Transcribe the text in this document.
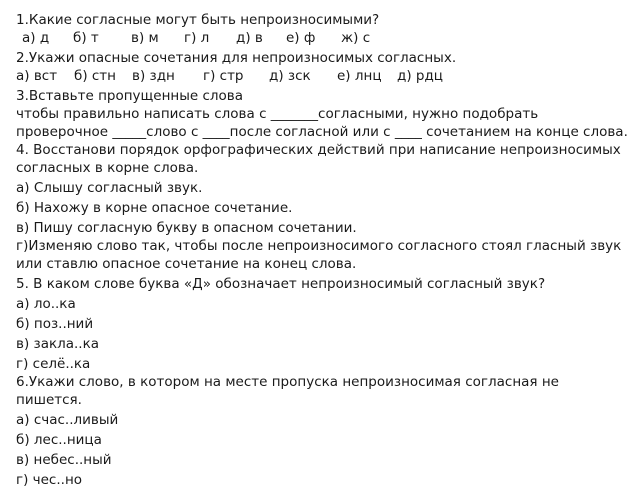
1.Какие согласные могут быть непроизносимыми?

а) д б) т в) м г) л д) в е) ф ж) с

2.Укажи опасные сочетания для непроизносимых согласных.

а) вст б) стн в) здн г) стр д) зск е) лнц д) рдц

3.Вставьте пропущенные слова

чтобы правильно написать слова с _______согласными, нужно подобрать проверочное _____слово с ____после согласной или с ____ сочетанием на конце слова.

4. Восстанови порядок орфографических действий при написание непроизносимых согласных в корне слова.

а) Слышу согласный звук.

б) Нахожу в корне опасное сочетание.

в) Пишу согласную букву в опасном сочетании.

г)Изменяю слово так, чтобы после непроизносимого согласного стоял гласный звук или ставлю опасное сочетание на конец слова.

5. В каком слове буква «Д» обозначает непроизносимый согласный звук?

а) ло..ка

б) поз..ний

в) закла..ка

г) селё..ка

6.Укажи слово, в котором на месте пропуска непроизносимая согласная не пишется.

а) счас..ливый

б) лес..ница

в) небес..ный

г) чес..но
